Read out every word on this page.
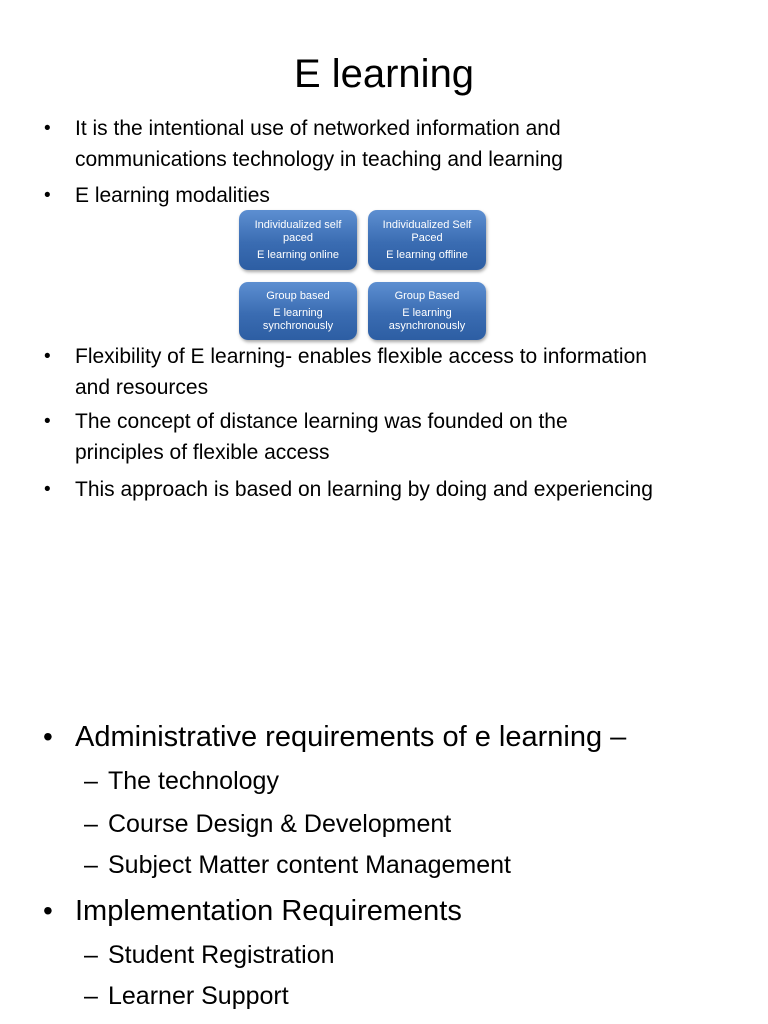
E learning
• It is the intentional use of networked information and
communications technology in teaching and learning
• E learning modalities
Individualized self paced
E learning online
Individualized Self Paced
E learning offline
Group based
E learning synchronously
Group Based
E learning asynchronously
• Flexibility of E learning- enables flexible access to information
and resources
• The concept of distance learning was founded on the
principles of flexible access
• This approach is based on learning by doing and experiencing
• Administrative requirements of e learning –
– The technology
– Course Design & Development
– Subject Matter content Management
• Implementation Requirements
– Student Registration
– Learner Support
